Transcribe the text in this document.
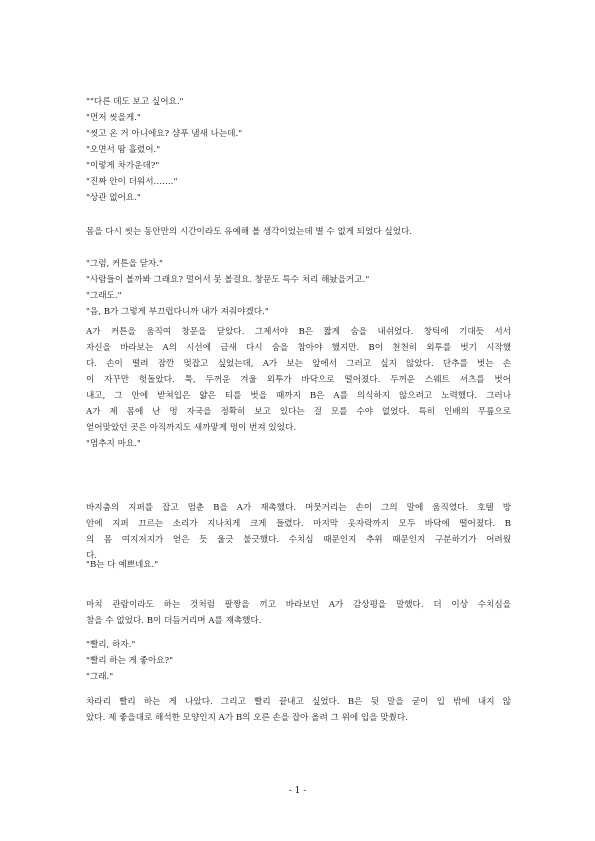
""다른 데도 보고 싶어요."
"먼저 씻을게."
"씻고 온 거 아니에요? 샴푸 냄새 나는데."
"오면서 땀 흘렸어."
"이렇게 차가운데?"
"진짜 안이 더워서……."
"상관 없어요."
몸을 다시 씻는 동안만의 시간이라도 유예해 볼 생각이었는데 별 수 없게 되었다 싶었다.
"그럼, 커튼을 닫자."
"사람들이 볼까봐 그래요? 멀어서 못 볼걸요. 창문도 특수 처리 해놨을거고."
"그래도."
"음, B가 그렇게 부끄럽다니까 내가 져줘야겠다."
A가 커튼을 움직여 창문을 닫았다. 그제서야 B은 짧게 숨을 내쉬었다. 창틱에 기대듯 서서
자신을 바라보는 A의 시선에 금새 다시 숨을 참아야 했지만. B이 천천히 외투를 벗기 시작했
다. 손이 떨려 잠깐 멎잡고 싶었는데, A가 보는 앞에서 그러고 싶지 않았다. 단추를 벗는 손
이 자꾸만 헛돌았다. 툭, 두꺼운 겨울 외투가 바닥으로 떨어졌다. 두꺼운 스웨트 셔츠를 벗어
내고, 그 안에 받쳐입은 얇은 티를 벗을 때까지 B은 A를 의식하지 않으려고 노력했다. 그러나
A가 제 몸에 난 멍 자국을 정확히 보고 있다는 걸 모를 수야 없었다. 특히 인배의 무릎으로
얻어맞았던 곳은 아직까지도 새까맣게 멍이 번져 있었다.
"멈추지 마요."
바지춤의 지퍼를 잡고 멈춘 B을 A가 재촉했다. 머뭇거리는 손이 그의 말에 움직였다. 호텔 방
안에 지퍼 끄르는 소리가 지나치게 크게 들렸다. 마지막 옷자락까지 모두 바닥에 떨어졌다. B
의 몸 여지저지가 얻은 듯 울긋 불긋했다. 수치심 때문인지 추위 때문인지 구분하기가 어려웠
다.
"B는 다 예쁘네요."
마치 관람이라도 하는 것처럼 팔짱을 끼고 바라보던 A가 감상평을 말했다. 더 이상 수치심을
참을 수 없었다. B이 더듬거리며 A를 재촉했다.
"빨리, 하자."
"빨리 하는 게 좋아요?"
"그래."
차라리 빨리 하는 게 나았다. 그리고 빨리 끝내고 싶었다. B은 뒷 말을 굳이 입 밖에 내지 않
았다. 제 좋을대로 해석한 모양인지 A가 B의 오른 손을 잡아 올려 그 위에 입을 맞췄다.
- 1 -
